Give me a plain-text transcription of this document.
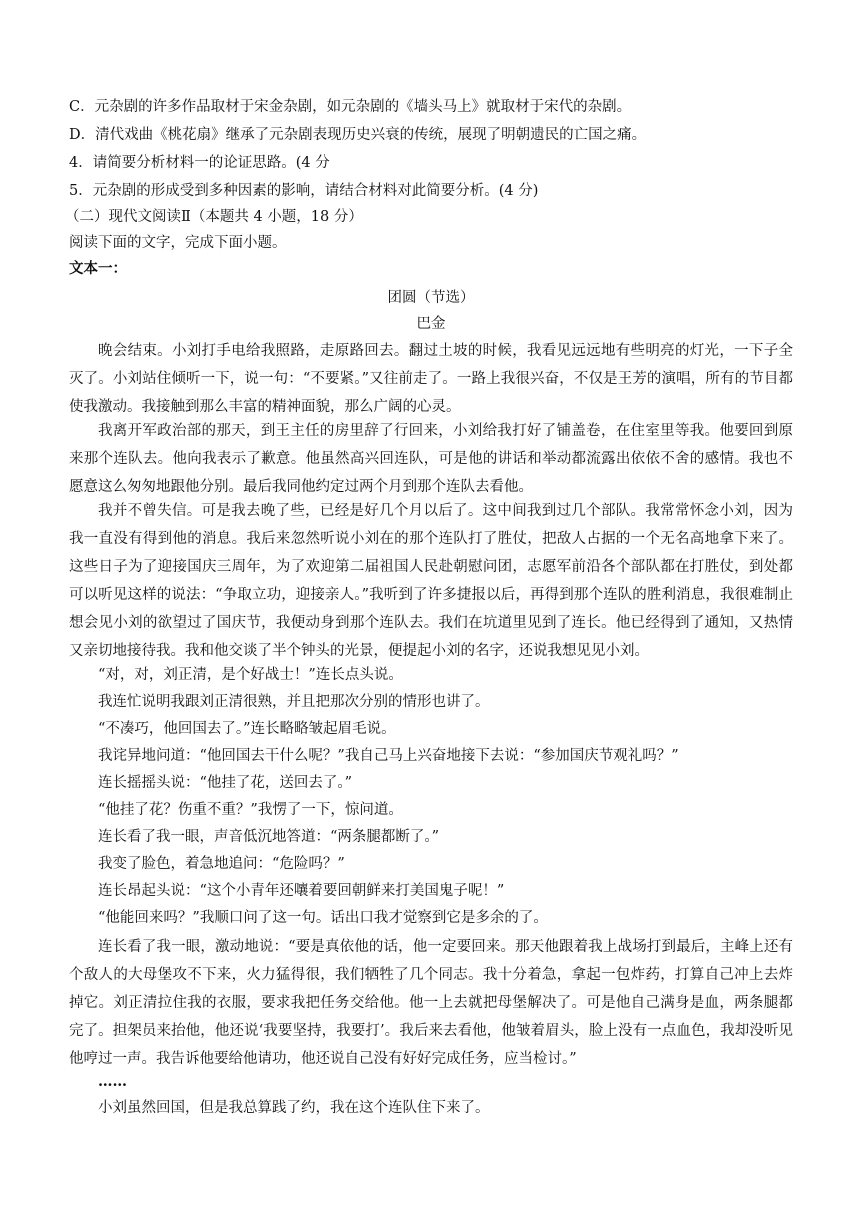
C．元杂剧的许多作品取材于宋金杂剧，如元杂剧的《墙头马上》就取材于宋代的杂剧。
D．清代戏曲《桃花扇》继承了元杂剧表现历史兴衰的传统，展现了明朝遗民的亡国之痛。
4．请简要分析材料一的论证思路。(4 分
5．元杂剧的形成受到多种因素的影响，请结合材料对此简要分析。(4 分)
（二）现代文阅读Ⅱ（本题共 4 小题，18 分）
阅读下面的文字，完成下面小题。
文本一：
团圆（节选）
巴金
晚会结束。小刘打手电给我照路，走原路回去。翻过土坡的时候，我看见远远地有些明亮的灯光，一下子全灭了。小刘站住倾听一下，说一句：“不要紧。”又往前走了。一路上我很兴奋，不仅是王芳的演唱，所有的节目都使我激动。我接触到那么丰富的精神面貌，那么广阔的心灵。
我离开军政治部的那天，到王主任的房里辞了行回来，小刘给我打好了铺盖卷，在住室里等我。他要回到原来那个连队去。他向我表示了歉意。他虽然高兴回连队，可是他的讲话和举动都流露出依依不舍的感情。我也不愿意这么匆匆地跟他分别。最后我同他约定过两个月到那个连队去看他。
我并不曾失信。可是我去晚了些，已经是好几个月以后了。这中间我到过几个部队。我常常怀念小刘，因为我一直没有得到他的消息。我后来忽然听说小刘在的那个连队打了胜仗，把敌人占据的一个无名高地拿下来了。这些日子为了迎接国庆三周年，为了欢迎第二届祖国人民赴朝慰问团，志愿军前沿各个部队都在打胜仗，到处都可以听见这样的说法：“争取立功，迎接亲人。”我听到了许多捷报以后，再得到那个连队的胜利消息，我很难制止想会见小刘的欲望过了国庆节，我便动身到那个连队去。我们在坑道里见到了连长。他已经得到了通知，又热情又亲切地接待我。我和他交谈了半个钟头的光景，便提起小刘的名字，还说我想见见小刘。
“对，对，刘正清，是个好战士！”连长点头说。
我连忙说明我跟刘正清很熟，并且把那次分别的情形也讲了。
“不凑巧，他回国去了。”连长略略皱起眉毛说。
我诧异地问道：“他回国去干什么呢？”我自己马上兴奋地接下去说：“参加国庆节观礼吗？”
连长摇摇头说：“他挂了花，送回去了。”
“他挂了花？伤重不重？”我愣了一下，惊问道。
连长看了我一眼，声音低沉地答道：“两条腿都断了。”
我变了脸色，着急地追问：“危险吗？”
连长昂起头说：“这个小青年还嚷着要回朝鲜来打美国鬼子呢！”
“他能回来吗？”我顺口问了这一句。话出口我才觉察到它是多余的了。
连长看了我一眼，激动地说：“要是真依他的话，他一定要回来。那天他跟着我上战场打到最后，主峰上还有个敌人的大母堡攻不下来，火力猛得很，我们牺牲了几个同志。我十分着急，拿起一包炸药，打算自己冲上去炸掉它。刘正清拉住我的衣服，要求我把任务交给他。他一上去就把母堡解决了。可是他自己满身是血，两条腿都完了。担架员来抬他，他还说‘我要坚持，我要打’。我后来去看他，他皱着眉头，脸上没有一点血色，我却没听见他哼过一声。我告诉他要给他请功，他还说自己没有好好完成任务，应当检讨。”
……
小刘虽然回国，但是我总算践了约，我在这个连队住下来了。
